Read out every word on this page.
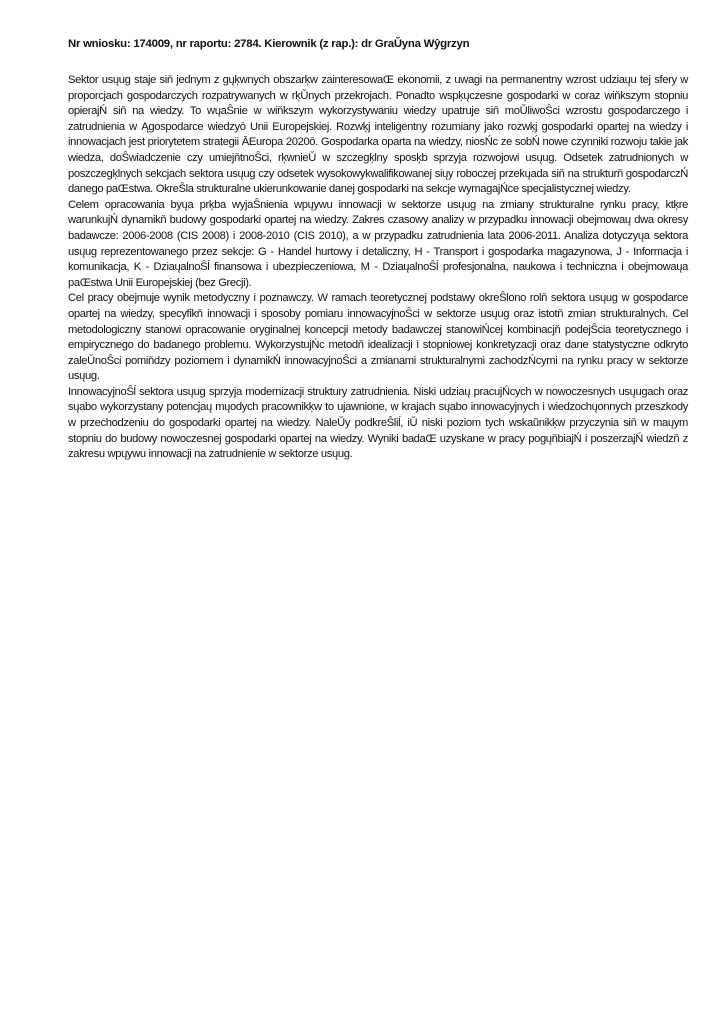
Nr wniosku: 174009, nr raportu: 2784. Kierownik (z rap.): dr GraŬyna Wŷgrzyn

Sektor usųug staje siň jednym z gųķwnych obszarķw zainteresowaŒ ekonomii, z uwagi na permanentny wzrost udziaųu tej sfery w proporcjach gospodarczych rozpatrywanych w rķŬnych przekrojach. Ponadto wspķųczesne gospodarki w coraz wiňkszym stopniu opierajŃ siň na wiedzy. To wųaŜnie w wiňkszym wykorzystywaniu wiedzy upatruje siň moŬliwoŜci wzrostu gospodarczego i zatrudnienia w Ągospodarce wiedzyō Unii Europejskiej. Rozwķj inteligentny rozumiany jako rozwķj gospodarki opartej na wiedzy i innowacjach jest priorytetem strategii ĀEuropa 2020ō. Gospodarka oparta na wiedzy, niosŃc ze sobŃ nowe czynniki rozwoju takie jak wiedza, doŜwiadczenie czy umiejňtnoŜci, rķwnieŬ w szczegķlny sposķb sprzyja rozwojowi usųug. Odsetek zatrudnionych w poszczegķlnych sekcjach sektora usųug czy odsetek wysokowykwalifikowanej siųy roboczej przekųada siň na strukturň gospodarczŃ danego paŒstwa. OkreŜla strukturalne ukierunkowanie danej gospodarki na sekcje wymagajŃce specjalistycznej wiedzy.

Celem opracowania byųa prķba wyjaŜnienia wpųywu innowacji w sektorze usųug na zmiany strukturalne rynku pracy, ktķre warunkujŃ dynamikň budowy gospodarki opartej na wiedzy. Zakres czasowy analizy w przypadku innowacji obejmowaų dwa okresy badawcze: 2006-2008 (CIS 2008) i 2008-2010 (CIS 2010), a w przypadku zatrudnienia lata 2006-2011. Analiza dotyczyųa sektora usųug reprezentowanego przez sekcje: G - Handel hurtowy i detaliczny, H - Transport i gospodarka magazynowa, J - Informacja i komunikacja, K - DziaųalnoŜĺ finansowa i ubezpieczeniowa, M - DziaųalnoŜĺ profesjonalna, naukowa i techniczna i obejmowaųa paŒstwa Unii Europejskiej (bez Grecji).

Cel pracy obejmuje wynik metodyczny i poznawczy. W ramach teoretycznej podstawy okreŜlono rolň sektora usųug w gospodarce opartej na wiedzy, specyfikň innowacji i sposoby pomiaru innowacyjnoŜci w sektorze usųug oraz istotň zmian strukturalnych. Cel metodologiczny stanowi opracowanie oryginalnej koncepcji metody badawczej stanowiŃcej kombinacjň podejŜcia teoretycznego i empirycznego do badanego problemu. WykorzystujŃc metodň idealizacji i stopniowej konkretyzacji oraz dane statystyczne odkryto zaleŬnoŜci pomiňdzy poziomem i dynamikŃ innowacyjnoŜci a zmianami strukturalnymi zachodzŃcymi na rynku pracy w sektorze usųug.

InnowacyjnoŜĺ sektora usųug sprzyja modernizacji struktury zatrudnienia. Niski udziaų pracujŃcych w nowoczesnych usųugach oraz sųabo wykorzystany potencjaų mųodych pracownikķw to ujawnione, w krajach sųabo innowacyjnych i wiedzochųonnych przeszkody w przechodzeniu do gospodarki opartej na wiedzy. NaleŬy podkreŜliĺ, iŬ niski poziom tych wskaŭnikķw przyczynia siň w maųym stopniu do budowy nowoczesnej gospodarki opartej na wiedzy. Wyniki badaŒ uzyskane w pracy pogųňbiajŃ i poszerzajŃ wiedzň z zakresu wpųywu innowacji na zatrudnienie w sektorze usųug.
